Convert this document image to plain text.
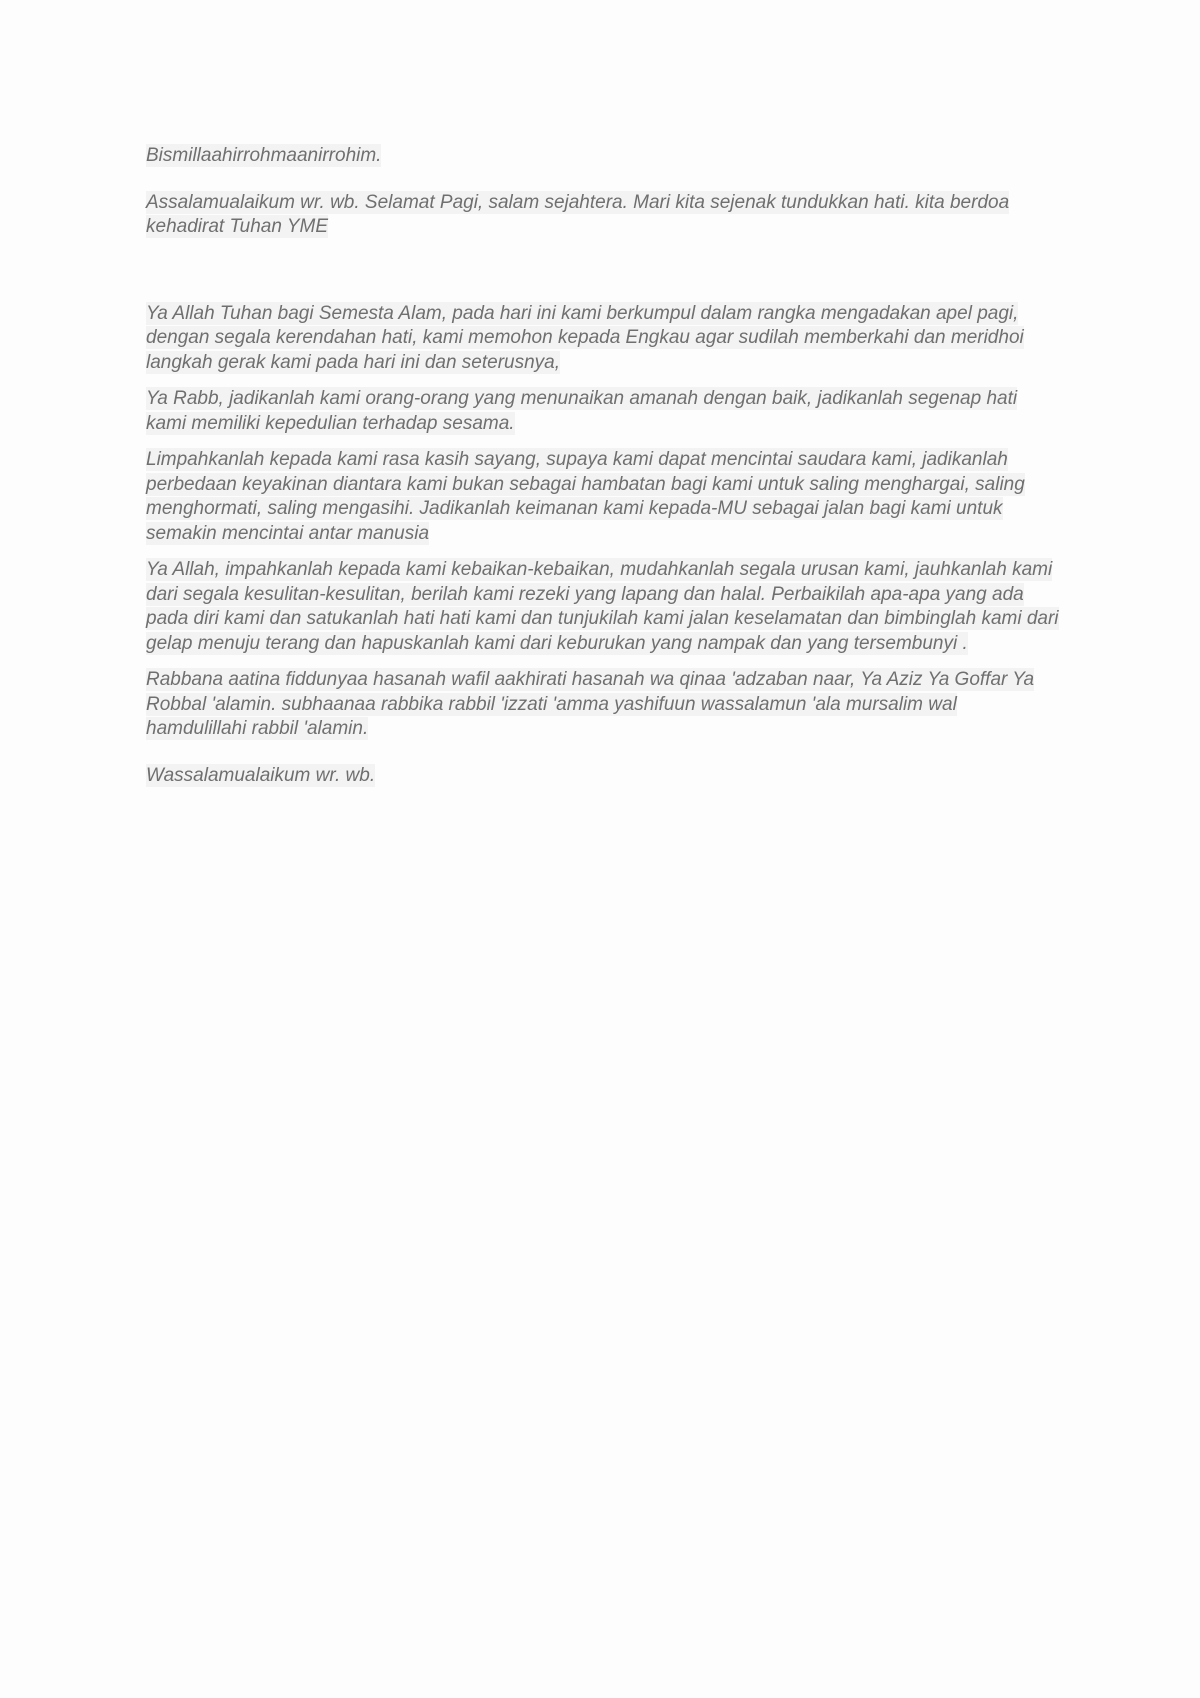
Bismillaahirrohmaanirrohim.

Assalamualaikum wr. wb. Selamat Pagi, salam sejahtera. Mari kita sejenak tundukkan hati. kita berdoa kehadirat Tuhan YME

Ya Allah Tuhan bagi Semesta Alam, pada hari ini kami berkumpul dalam rangka mengadakan apel pagi, dengan segala kerendahan hati, kami memohon kepada Engkau agar sudilah memberkahi dan meridhoi langkah gerak kami pada hari ini dan seterusnya,

Ya Rabb, jadikanlah kami orang-orang yang menunaikan amanah dengan baik, jadikanlah segenap hati kami memiliki kepedulian terhadap sesama.

Limpahkanlah kepada kami rasa kasih sayang, supaya kami dapat mencintai saudara kami, jadikanlah perbedaan keyakinan diantara kami bukan sebagai hambatan bagi kami untuk saling menghargai, saling menghormati, saling mengasihi. Jadikanlah keimanan kami kepada-MU sebagai jalan bagi kami untuk semakin mencintai antar manusia

Ya Allah, impahkanlah kepada kami kebaikan-kebaikan, mudahkanlah segala urusan kami, jauhkanlah kami dari segala kesulitan-kesulitan, berilah kami rezeki yang lapang dan halal. Perbaikilah apa-apa yang ada pada diri kami dan satukanlah hati hati kami dan tunjukilah kami jalan keselamatan dan bimbinglah kami dari gelap menuju terang dan hapuskanlah kami dari keburukan yang nampak dan yang tersembunyi .

Rabbana aatina fiddunyaa hasanah wafil aakhirati hasanah wa qinaa 'adzaban naar, Ya Aziz Ya Goffar Ya Robbal 'alamin. subhaanaa rabbika rabbil 'izzati 'amma yashifuun wassalamun 'ala mursalim wal hamdulillahi rabbil 'alamin.

Wassalamualaikum wr. wb.
